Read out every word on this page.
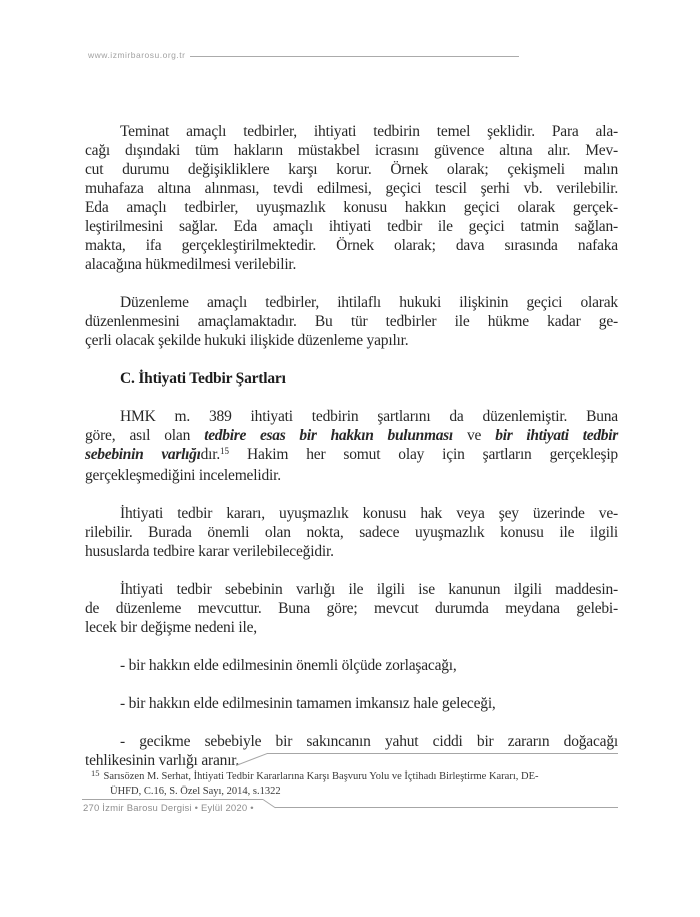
www.izmirbarosu.org.tr
Teminat amaçlı tedbirler, ihtiyati tedbirin temel şeklidir. Para ala-
cağı dışındaki tüm hakların müstakbel icrasını güvence altına alır. Mev-
cut durumu değişikliklere karşı korur. Örnek olarak; çekişmeli malın
muhafaza altına alınması, tevdi edilmesi, geçici tescil şerhi vb. verilebilir.
Eda amaçlı tedbirler, uyuşmazlık konusu hakkın geçici olarak gerçek-
leştirilmesini sağlar. Eda amaçlı ihtiyati tedbir ile geçici tatmin sağlan-
makta, ifa gerçekleştirilmektedir. Örnek olarak; dava sırasında nafaka
alacağına hükmedilmesi verilebilir.
Düzenleme amaçlı tedbirler, ihtilaflı hukuki ilişkinin geçici olarak
düzenlenmesini amaçlamaktadır. Bu tür tedbirler ile hükme kadar ge-
çerli olacak şekilde hukuki ilişkide düzenleme yapılır.
C. İhtiyati Tedbir Şartları
HMK m. 389 ihtiyati tedbirin şartlarını da düzenlemiştir. Buna
göre, asıl olan tedbire esas bir hakkın bulunması ve bir ihtiyati tedbir
sebebinin varlığıdır.$^{15}$ Hakim her somut olay için şartların gerçekleşip
gerçekleşmediğini incelemelidir.
İhtiyati tedbir kararı, uyuşmazlık konusu hak veya şey üzerinde ve-
rilebilir. Burada önemli olan nokta, sadece uyuşmazlık konusu ile ilgili
hususlarda tedbire karar verilebileceğidir.
İhtiyati tedbir sebebinin varlığı ile ilgili ise kanunun ilgili maddesin-
de düzenleme mevcuttur. Buna göre; mevcut durumda meydana gelebi-
lecek bir değişme nedeni ile,
- bir hakkın elde edilmesinin önemli ölçüde zorlaşacağı,
- bir hakkın elde edilmesinin tamamen imkansız hale geleceği,
- gecikme sebebiyle bir sakıncanın yahut ciddi bir zararın doğacağı
tehlikesinin varlığı aranır.
$^{15}$ Sarısözen M. Serhat, İhtiyati Tedbir Kararlarına Karşı Başvuru Yolu ve İçtihadı Birleştirme Kararı, DE-
ÜHFD, C.16, S. Özel Sayı, 2014, s.1322
270 İzmir Barosu Dergisi • Eylül 2020 •
